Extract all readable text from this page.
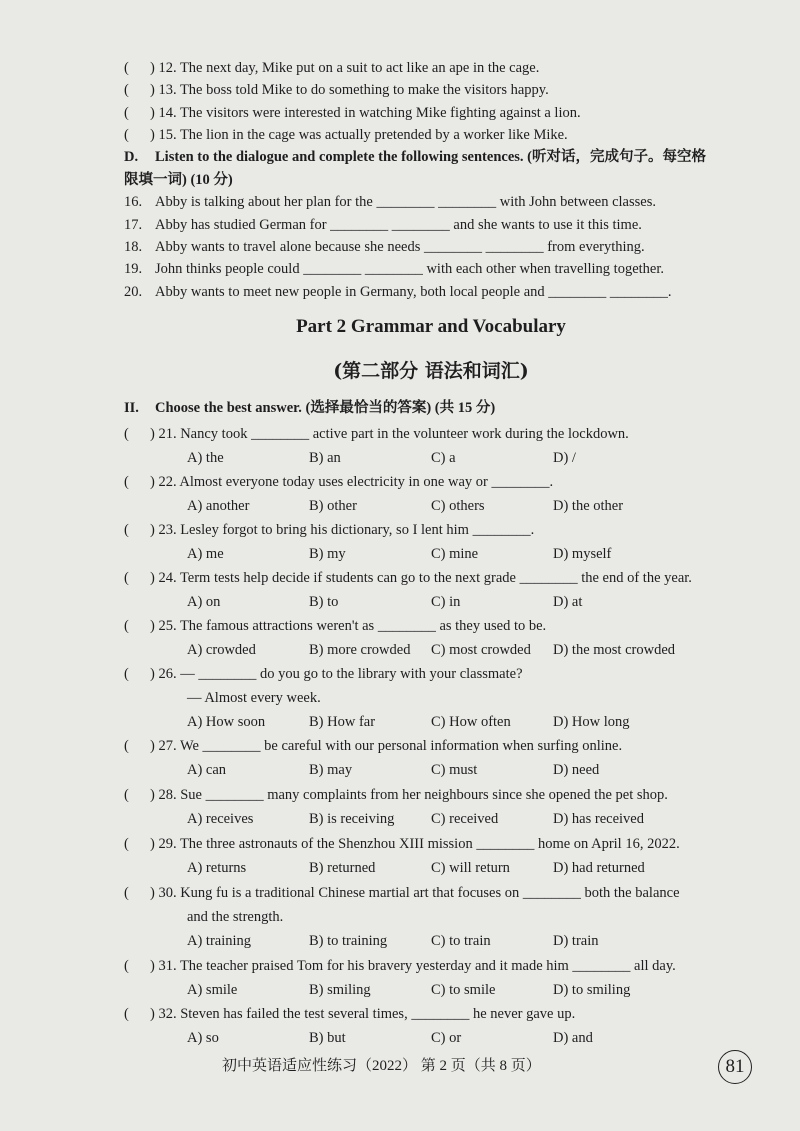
( ) 12. The next day, Mike put on a suit to act like an ape in the cage.
( ) 13. The boss told Mike to do something to make the visitors happy.
( ) 14. The visitors were interested in watching Mike fighting against a lion.
( ) 15. The lion in the cage was actually pretended by a worker like Mike.
D. Listen to the dialogue and complete the following sentences. (听对话，完成句子。每空格
限填一词) (10 分)
16. Abby is talking about her plan for the ________ ________ with John between classes.
17. Abby has studied German for ________ ________ and she wants to use it this time.
18. Abby wants to travel alone because she needs ________ ________ from everything.
19. John thinks people could ________ ________ with each other when travelling together.
20. Abby wants to meet new people in Germany, both local people and ________ ________.
Part 2 Grammar and Vocabulary
(第二部分 语法和词汇)
II. Choose the best answer. (选择最恰当的答案) (共 15 分)
( ) 21. Nancy took ________ active part in the volunteer work during the lockdown.
A) the	B) an	C) a	D) /
( ) 22. Almost everyone today uses electricity in one way or ________.
A) another	B) other	C) others	D) the other
( ) 23. Lesley forgot to bring his dictionary, so I lent him ________.
A) me	B) my	C) mine	D) myself
( ) 24. Term tests help decide if students can go to the next grade ________ the end of the year.
A) on	B) to	C) in	D) at
( ) 25. The famous attractions weren't as ________ as they used to be.
A) crowded	B) more crowded C) most crowded D) the most crowded
( ) 26. — ________ do you go to the library with your classmate?
— Almost every week.
A) How soon	B) How far	C) How often	D) How long
( ) 27. We ________ be careful with our personal information when surfing online.
A) can	B) may	C) must	D) need
( ) 28. Sue ________ many complaints from her neighbours since she opened the pet shop.
A) receives	B) is receiving	C) received	D) has received
( ) 29. The three astronauts of the Shenzhou XIII mission ________ home on April 16, 2022.
A) returns	B) returned	C) will return	D) had returned
( ) 30. Kung fu is a traditional Chinese martial art that focuses on ________ both the balance
and the strength.
A) training	B) to training	C) to train	D) train
( ) 31. The teacher praised Tom for his bravery yesterday and it made him ________ all day.
A) smile	B) smiling	C) to smile	D) to smiling
( ) 32. Steven has failed the test several times, ________ he never gave up.
A) so	B) but	C) or	D) and
初中英语适应性练习（2022） 第 2 页（共 8 页）	81
